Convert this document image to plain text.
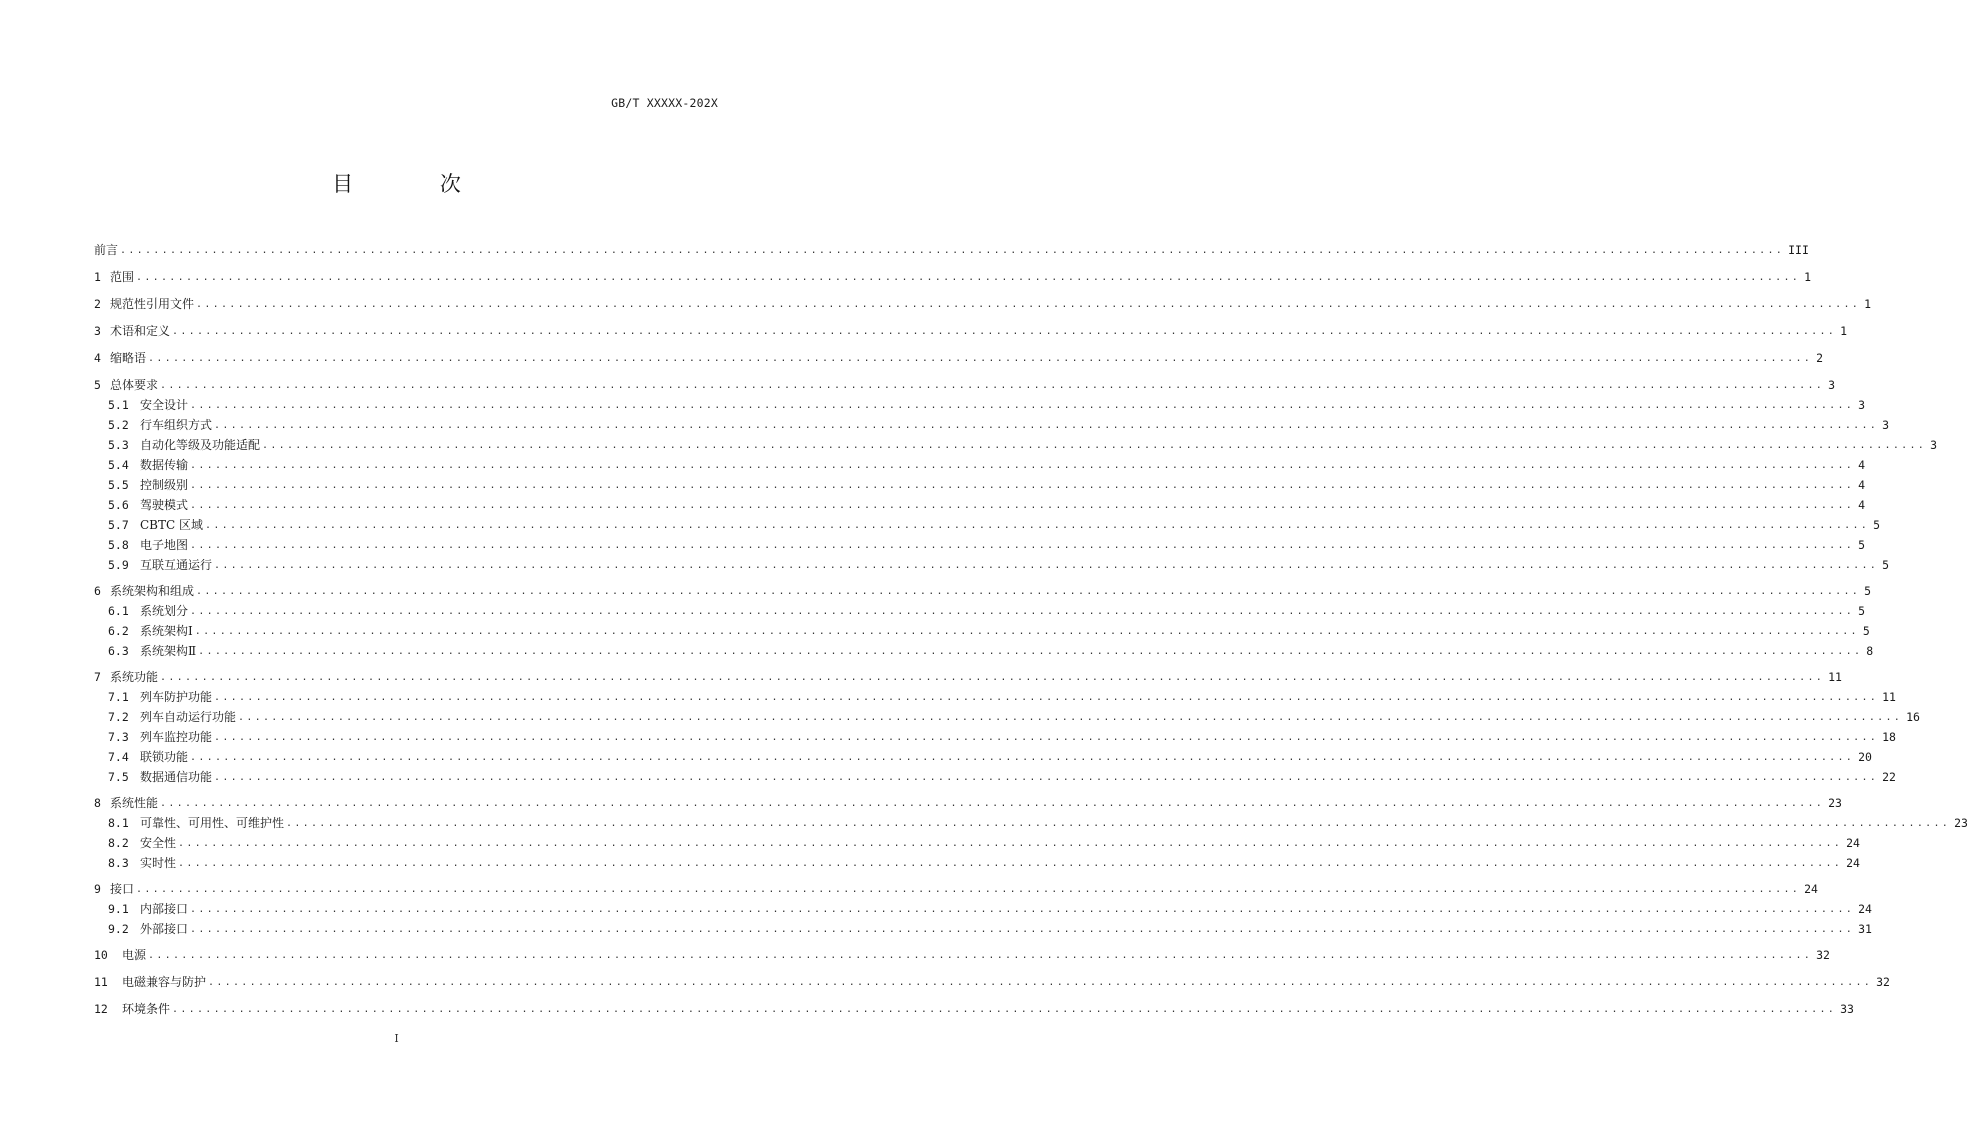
GB/T XXXXX-202X
目 次
前言 ........................................................................................................................................................................................................ III
1 范围 ........................................................................................................................................................................................................ 1
2 规范性引用文件 ........................................................................................................................................................................................................ 1
3 术语和定义 ........................................................................................................................................................................................................ 1
4 缩略语 ........................................................................................................................................................................................................ 2
5 总体要求 ........................................................................................................................................................................................................ 3
5.1 安全设计 ........................................................................................................................................................................................................ 3
5.2 行车组织方式 ........................................................................................................................................................................................................ 3
5.3 自动化等级及功能适配 ........................................................................................................................................................................................................ 3
5.4 数据传输 ........................................................................................................................................................................................................ 4
5.5 控制级别 ........................................................................................................................................................................................................ 4
5.6 驾驶模式 ........................................................................................................................................................................................................ 4
5.7 CBTC 区域 ........................................................................................................................................................................................................ 5
5.8 电子地图 ........................................................................................................................................................................................................ 5
5.9 互联互通运行 ........................................................................................................................................................................................................ 5
6 系统架构和组成 ........................................................................................................................................................................................................ 5
6.1 系统划分 ........................................................................................................................................................................................................ 5
6.2 系统架构Ⅰ ........................................................................................................................................................................................................ 5
6.3 系统架构Ⅱ ........................................................................................................................................................................................................ 8
7 系统功能 ........................................................................................................................................................................................................ 11
7.1 列车防护功能 ........................................................................................................................................................................................................ 11
7.2 列车自动运行功能 ........................................................................................................................................................................................................ 16
7.3 列车监控功能 ........................................................................................................................................................................................................ 18
7.4 联锁功能 ........................................................................................................................................................................................................ 20
7.5 数据通信功能 ........................................................................................................................................................................................................ 22
8 系统性能 ........................................................................................................................................................................................................ 23
8.1 可靠性、可用性、可维护性 ........................................................................................................................................................................................................ 23
8.2 安全性 ........................................................................................................................................................................................................ 24
8.3 实时性 ........................................................................................................................................................................................................ 24
9 接口 ........................................................................................................................................................................................................ 24
9.1 内部接口 ........................................................................................................................................................................................................ 24
9.2 外部接口 ........................................................................................................................................................................................................ 31
10	电源 ........................................................................................................................................................................................................ 32
11	电磁兼容与防护 ........................................................................................................................................................................................................ 32
12	环境条件 ........................................................................................................................................................................................................ 33
I
